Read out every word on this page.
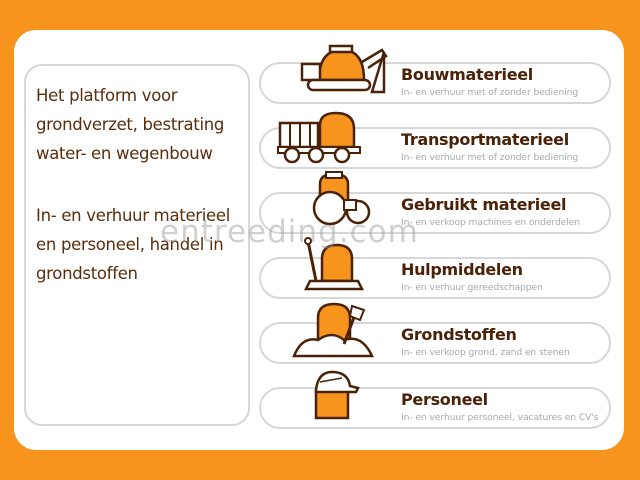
Het platform voor grondverzet, bestrating water- en wegenbouw

In- en verhuur materieel en personeel, handel in grondstoffen

Bouwmaterieel
In- en verhuur met of zonder bediening
Transportmaterieel
In- en verhuur met of zonder bediening
Gebruikt materieel
In- en verkoop machines en onderdelen
Hulpmiddelen
In- en verhuur gereedschappen
Grondstoffen
In- en verkoop grond, zand en stenen
Personeel
In- en verhuur personeel, vacatures en CV's
entreeding.com
